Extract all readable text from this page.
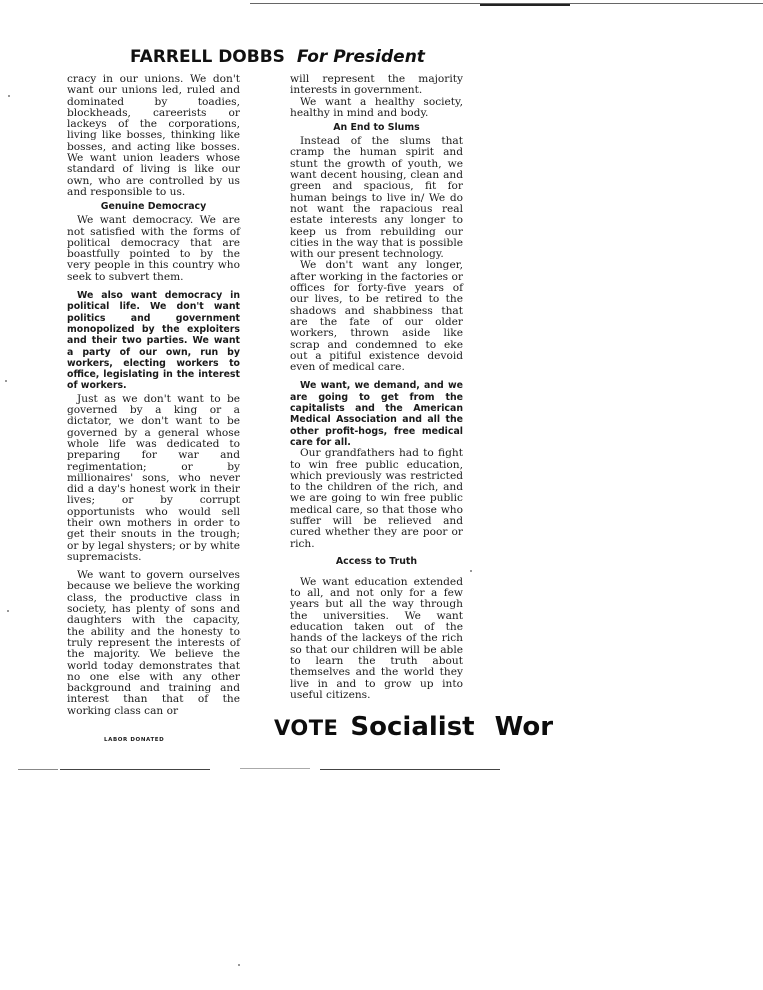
FARRELL DOBBS For President

cracy in our unions. We don't want our unions led, ruled and dominated by toadies, blockheads, careerists or lackeys of the corporations, living like bosses, thinking like bosses, and acting like bosses. We want union leaders whose standard of living is like our own, who are controlled by us and responsible to us.

Genuine Democracy

We want democracy. We are not satisfied with the forms of political democracy that are boastfully pointed to by the very people in this country who seek to subvert them.

We also want democracy in political life. We don't want politics and government monopolized by the exploiters and their two parties. We want a party of our own, run by workers, electing workers to office, legislating in the interest of workers.

Just as we don't want to be governed by a king or a dictator, we don't want to be governed by a general whose whole life was dedicated to preparing for war and regimentation; or by millionaires' sons, who never did a day's honest work in their lives; or by corrupt opportunists who would sell their own mothers in order to get their snouts in the trough; or by legal shysters; or by white supremacists.

We want to govern ourselves because we believe the working class, the productive class in society, has plenty of sons and daughters with the capacity, the ability and the honesty to truly represent the interests of the majority. We believe the world today demonstrates that no one else with any other background and training and interest than that of the working class can or

will represent the majority interests in government.

We want a healthy society, healthy in mind and body.

An End to Slums

Instead of the slums that cramp the human spirit and stunt the growth of youth, we want decent housing, clean and green and spacious, fit for human beings to live in/ We do not want the rapacious real estate interests any longer to keep us from rebuilding our cities in the way that is possible with our present technology.

We don't want any longer, after working in the factories or offices for forty-five years of our lives, to be retired to the shadows and shabbiness that are the fate of our older workers, thrown aside like scrap and condemned to eke out a pitiful existence devoid even of medical care.

We want, we demand, and we are going to get from the capitalists and the American Medical Association and all the other profit-hogs, free medical care for all.

Our grandfathers had to fight to win free public education, which previously was restricted to the children of the rich, and we are going to win free public medical care, so that those who suffer will be relieved and cured whether they are poor or rich.

Access to Truth

We want education extended to all, and not only for a few years but all the way through the universities. We want education taken out of the hands of the lackeys of the rich so that our children will be able to learn the truth about themselves and the world they live in and to grow up into useful citizens.

LABOR DONATED	VOTE Socialist Wor
